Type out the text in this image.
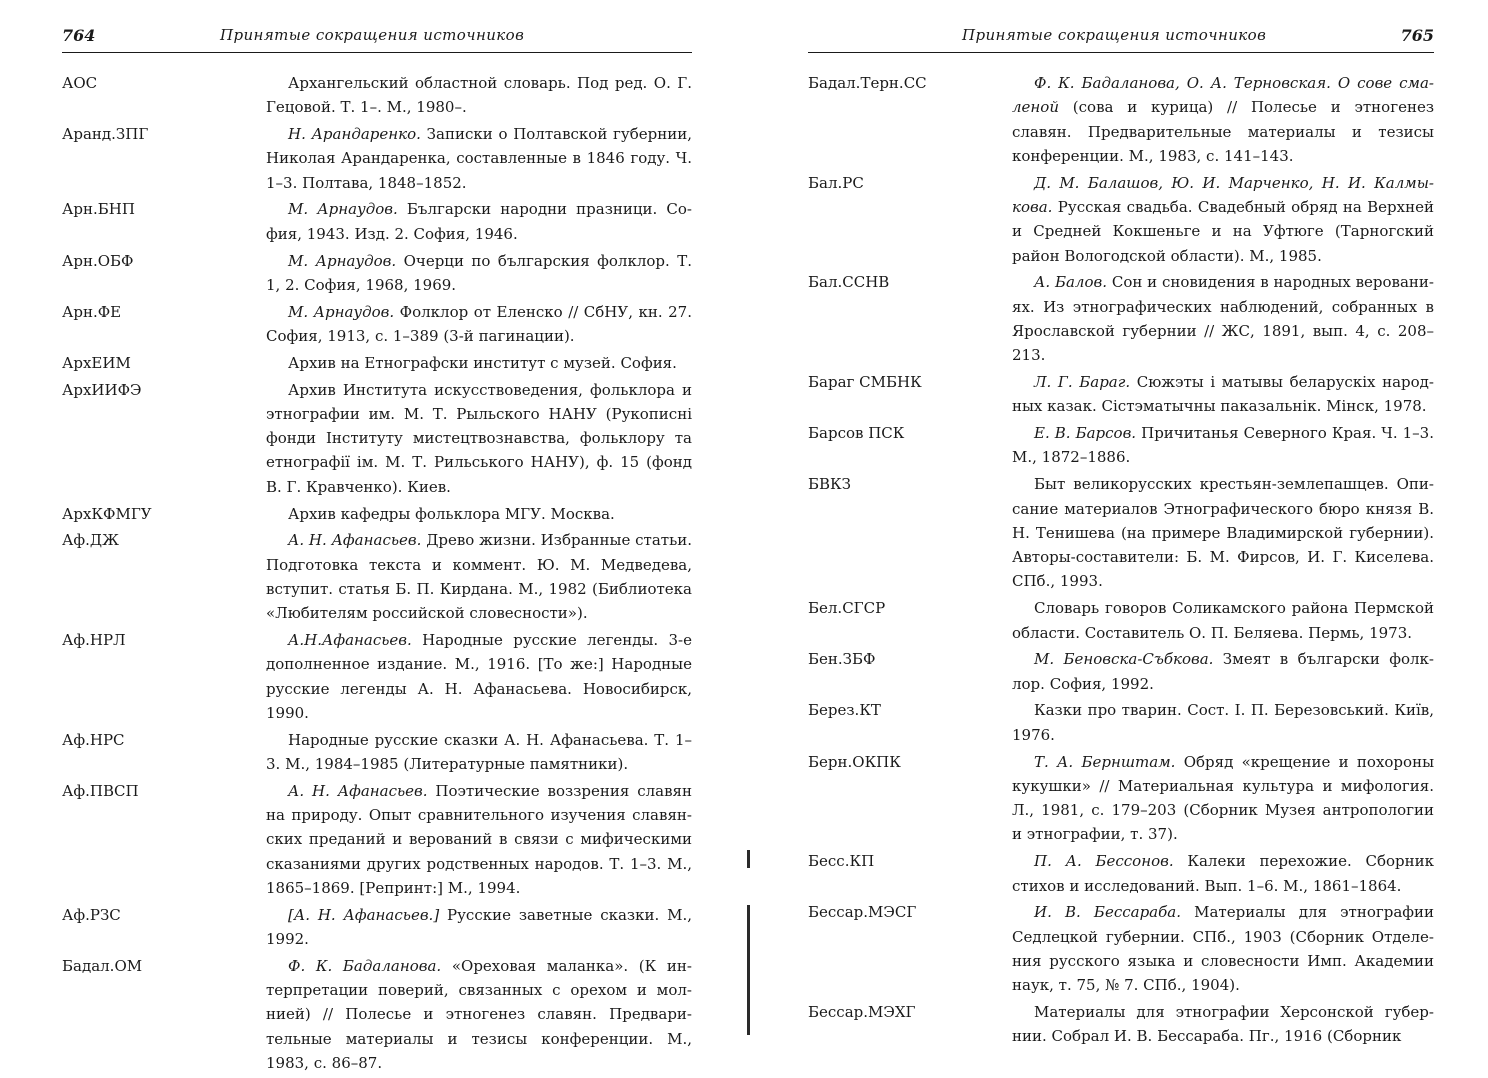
764	Принятые сокращения источников
АОС	Архангельский областной словарь. Под ред. О. Г. Гецовой. Т. 1–. М., 1980–.
Аранд.ЗПГ	Н. Арандаренко. Записки о Полтавской губернии, Николая Арандаренка, составленные в 1846 году. Ч. 1–3. Полтава, 1848–1852.
Арн.БНП	М. Арнаудов. Български народни празници. София, 1943. Изд. 2. София, 1946.
Арн.ОБФ	М. Арнаудов. Очерци по българския фолклор. Т. 1, 2. София, 1968, 1969.
Арн.ФЕ	М. Арнаудов. Фолклор от Еленско // СбНУ, кн. 27. София, 1913, с. 1–389 (3-й пагинации).
АрхЕИМ	Архив на Етнографски институт с музей. София.
АрхИИФЭ	Архив Института искусствоведения, фольклора и этнографии им. М. Т. Рыльского НАНУ (Рукописнi фонди Iнституту мистецтвознавства, фольклору та етнографiї iм. М. Т. Рильського НАНУ), ф. 15 (фонд В. Г. Кравченко). Киев.
АрхКФМГУ	Архив кафедры фольклора МГУ. Москва.
Аф.ДЖ	А. Н. Афанасьев. Древо жизни. Избранные статьи. Подготовка текста и коммент. Ю. М. Медведева, вступит. статья Б. П. Кирдана. М., 1982 (Библиотека «Любителям российской словесности»).
Аф.НРЛ	А.Н.Афанасьев. Народные русские легенды. 3-е дополненное издание. М., 1916. [То же:] Народные русские легенды А. Н. Афанасьева. Новосибирск, 1990.
Аф.НРС	Народные русские сказки А. Н. Афанасьева. Т. 1–3. М., 1984–1985 (Литературные памятники).
Аф.ПВСП	А. Н. Афанасьев. Поэтические воззрения славян на природу. Опыт сравнительного изучения славянских преданий и верований в связи с мифическими сказаниями других родственных народов. Т. 1–3. М., 1865–1869. [Репринт:] М., 1994.
Аф.РЗС	[А. Н. Афанасьев.] Русские заветные сказки. М., 1992.
Бадал.ОМ	Ф. К. Бадаланова. «Ореховая маланка». (К интерпретации поверий, связанных с орехом и молнией) // Полесье и этногенез славян. Предварительные материалы и тезисы конференции. М., 1983, с. 86–87.
Принятые сокращения источников	765
Бадал.Терн.СС	Ф. К. Бадаланова, О. А. Терновская. О сове смаленой (сова и курица) // Полесье и этногенез славян. Предварительные материалы и тезисы конференции. М., 1983, с. 141–143.
Бал.РС	Д. М. Балашов, Ю. И. Марченко, Н. И. Калмыкова. Русская свадьба. Свадебный обряд на Верхней и Средней Кокшеньге и на Уфтюге (Тарногский район Вологодской области). М., 1985.
Бал.ССНВ	А. Балов. Сон и сновидения в народных верованиях. Из этнографических наблюдений, собранных в Ярославской губернии // ЖС, 1891, вып. 4, с. 208–213.
Бараг СМБНК	Л. Г. Бараг. Сюжэты i матывы беларускiх народных казак. Сiстэматычны паказальнiк. Мiнск, 1978.
Барсов ПСК	Е. В. Барсов. Причитанья Северного Края. Ч. 1–3. М., 1872–1886.
БВКЗ	Быт великорусских крестьян-землепашцев. Описание материалов Этнографического бюро князя В. Н. Тенишева (на примере Владимирской губернии). Авторы-составители: Б. М. Фирсов, И. Г. Киселева. СПб., 1993.
Бел.СГСР	Словарь говоров Соликамского района Пермской области. Составитель О. П. Беляева. Пермь, 1973.
Бен.ЗБФ	М. Беновска-Събкова. Змеят в български фолклор. София, 1992.
Берез.КТ	Казки про тварин. Сост. I. П. Березовський. Київ, 1976.
Берн.ОКПК	Т. А. Бернштам. Обряд «крещение и похороны кукушки» // Материальная культура и мифология. Л., 1981, с. 179–203 (Сборник Музея антропологии и этнографии, т. 37).
Бесс.КП	П. А. Бессонов. Калеки перехожие. Сборник стихов и исследований. Вып. 1–6. М., 1861–1864.
Бессар.МЭСГ	И. В. Бессараба. Материалы для этнографии Седлецкой губернии. СПб., 1903 (Сборник Отделения русского языка и словесности Имп. Академии наук, т. 75, № 7. СПб., 1904).
Бессар.МЭХГ	Материалы для этнографии Херсонской губернии. Собрал И. В. Бессараба. Пг., 1916 (Сборник
